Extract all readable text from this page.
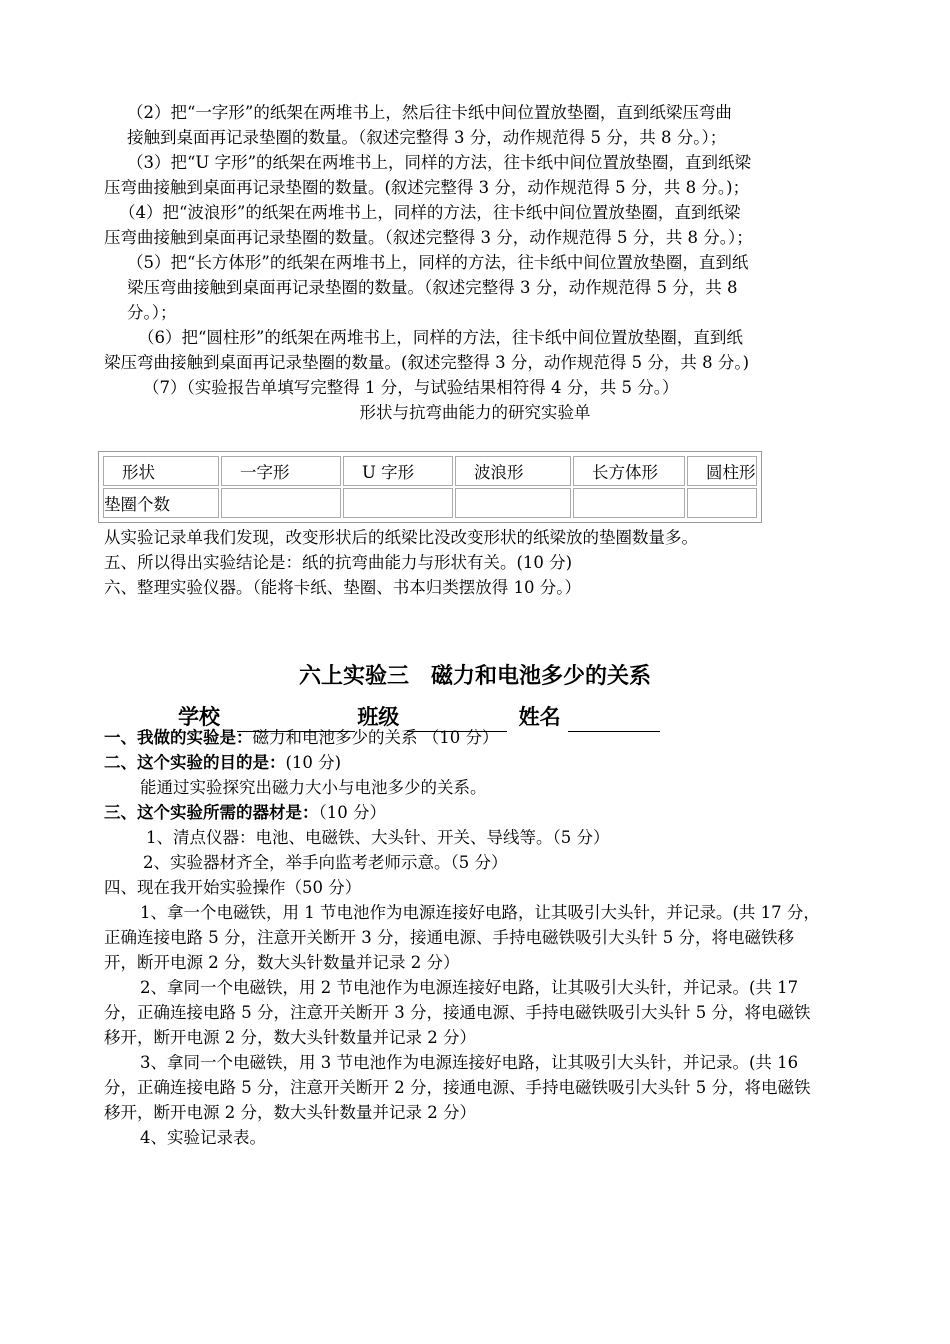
（2）把“一字形”的纸架在两堆书上，然后往卡纸中间位置放垫圈，直到纸梁压弯曲
接触到桌面再记录垫圈的数量。（叙述完整得 3 分，动作规范得 5 分，共 8 分。）；
（3）把“U 字形”的纸架在两堆书上，同样的方法，往卡纸中间位置放垫圈，直到纸梁
压弯曲接触到桌面再记录垫圈的数量。(叙述完整得 3 分，动作规范得 5 分，共 8 分。)；
（4）把“波浪形”的纸架在两堆书上，同样的方法，往卡纸中间位置放垫圈，直到纸梁
压弯曲接触到桌面再记录垫圈的数量。（叙述完整得 3 分，动作规范得 5 分，共 8 分。）；
（5）把“长方体形”的纸架在两堆书上，同样的方法，往卡纸中间位置放垫圈，直到纸
梁压弯曲接触到桌面再记录垫圈的数量。（叙述完整得 3 分，动作规范得 5 分，共 8
分。）；
（6）把“圆柱形”的纸架在两堆书上，同样的方法，往卡纸中间位置放垫圈，直到纸
梁压弯曲接触到桌面再记录垫圈的数量。(叙述完整得 3 分，动作规范得 5 分，共 8 分。)
（7）（实验报告单填写完整得 1 分，与试验结果相符得 4 分，共 5 分。）
形状与抗弯曲能力的研究实验单
形状	一字形	U 字形	波浪形	长方体形	圆柱形
垫圈个数					
从实验记录单我们发现，改变形状后的纸梁比没改变形状的纸梁放的垫圈数量多。
五、所以得出实验结论是：纸的抗弯曲能力与形状有关。(10 分)
六、整理实验仪器。（能将卡纸、垫圈、书本归类摆放得 10 分。）
六上实验三　磁力和电池多少的关系
学校	班级	姓名
一、我做的实验是：磁力和电池多少的关系 （10 分）
二、这个实验的目的是：(10 分)
能通过实验探究出磁力大小与电池多少的关系。
三、这个实验所需的器材是：（10 分）
1、清点仪器：电池、电磁铁、大头针、开关、导线等。（5 分）
2、实验器材齐全，举手向监考老师示意。（5 分）
四、现在我开始实验操作（50 分）
1、拿一个电磁铁，用 1 节电池作为电源连接好电路，让其吸引大头针，并记录。(共 17 分，
正确连接电路 5 分，注意开关断开 3 分，接通电源、手持电磁铁吸引大头针 5 分，将电磁铁移
开，断开电源 2 分，数大头针数量并记录 2 分）
2、拿同一个电磁铁，用 2 节电池作为电源连接好电路，让其吸引大头针，并记录。(共 17
分，正确连接电路 5 分，注意开关断开 3 分，接通电源、手持电磁铁吸引大头针 5 分，将电磁铁
移开，断开电源 2 分，数大头针数量并记录 2 分）
3、拿同一个电磁铁，用 3 节电池作为电源连接好电路，让其吸引大头针，并记录。(共 16
分，正确连接电路 5 分，注意开关断开 2 分，接通电源、手持电磁铁吸引大头针 5 分，将电磁铁
移开，断开电源 2 分，数大头针数量并记录 2 分）
4、实验记录表。
